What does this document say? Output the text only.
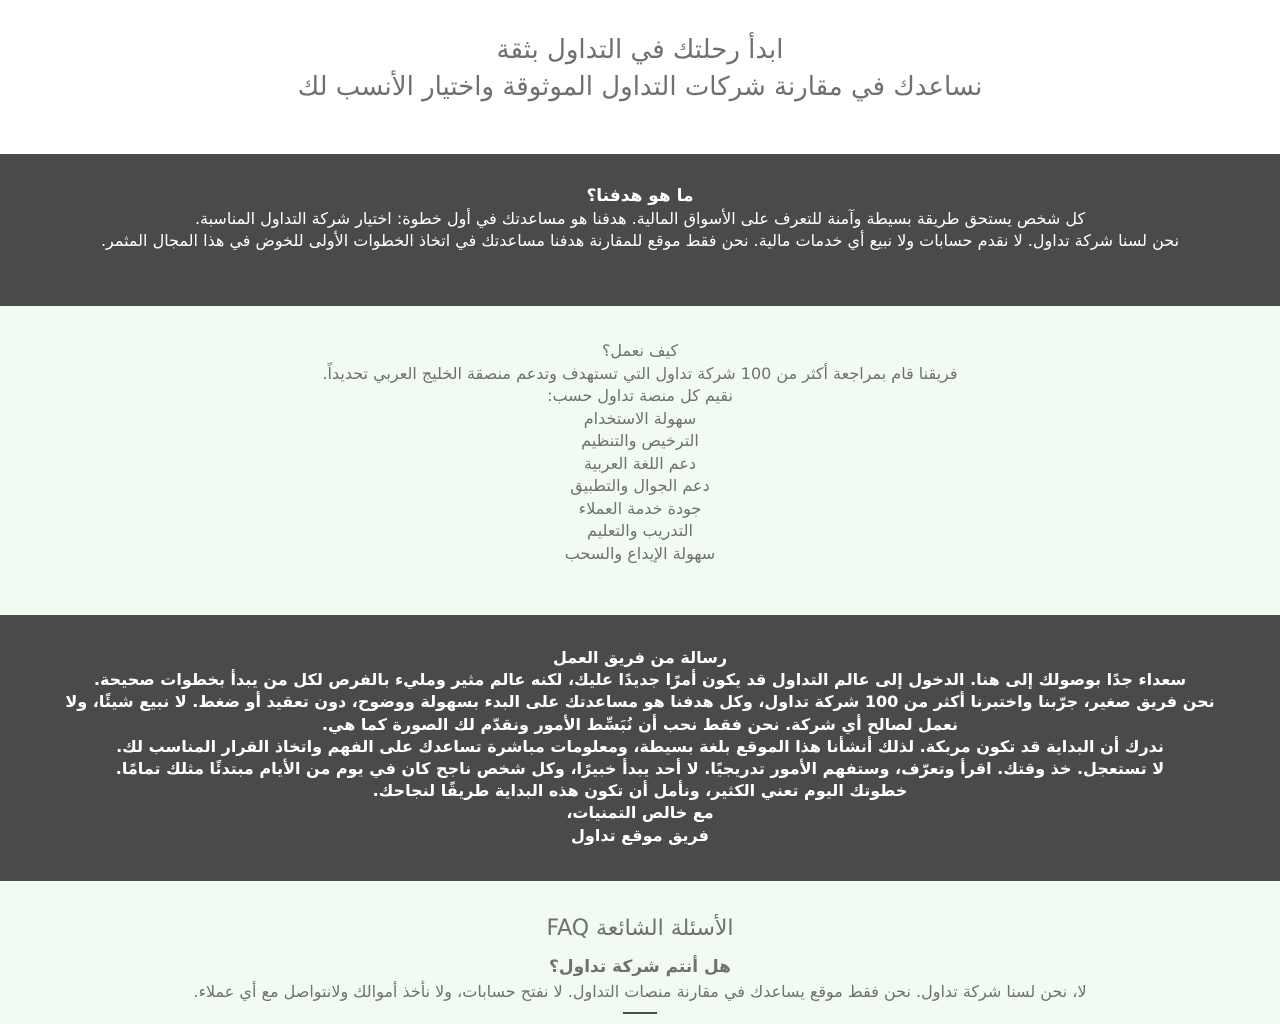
ابدأ رحلتك في التداول بثقة
نساعدك في مقارنة شركات التداول الموثوقة واختيار الأنسب لك
ما هو هدفنا؟
كل شخص يستحق طريقة بسيطة وآمنة للتعرف على الأسواق المالية. هدفنا هو مساعدتك في أول خطوة: اختيار شركة التداول المناسبة.
نحن لسنا شركة تداول. لا نقدم حسابات ولا نبيع أي خدمات مالية. نحن فقط موقع للمقارنة هدفنا مساعدتك في اتخاذ الخطوات الأولى للخوض في هذا المجال المثمر.
كيف نعمل؟
فريقنا قام بمراجعة أكثر من 100 شركة تداول التي تستهدف وتدعم منصقة الخليج العربي تحديداً.
نقيم كل منصة تداول حسب:
سهولة الاستخدام
الترخيص والتنظيم
دعم اللغة العربية
دعم الجوال والتطبيق
جودة خدمة العملاء
التدريب والتعليم
سهولة الإيداع والسحب
رسالة من فريق العمل
سعداء جدًا بوصولك إلى هنا. الدخول إلى عالم التداول قد يكون أمرًا جديدًا عليك، لكنه عالم مثير ومليء بالفرص لكل من يبدأ بخطوات صحيحة.
نحن فريق صغير، جرّبنا واختبرنا أكثر من 100 شركة تداول، وكل هدفنا هو مساعدتك على البدء بسهولة ووضوح، دون تعقيد أو ضغط. لا نبيع شيئًا، ولا
نعمل لصالح أي شركة. نحن فقط نحب أن نُبَسِّط الأمور ونقدّم لك الصورة كما هي.
ندرك أن البداية قد تكون مربكة. لذلك أنشأنا هذا الموقع بلغة بسيطة، ومعلومات مباشرة تساعدك على الفهم واتخاذ القرار المناسب لك.
لا تستعجل. خذ وقتك. اقرأ وتعرّف، وستفهم الأمور تدريجيًا. لا أحد يبدأ خبيرًا، وكل شخص ناجح كان في يوم من الأيام مبتدئًا مثلك تمامًا.
خطوتك اليوم تعني الكثير، ونأمل أن تكون هذه البداية طريقًا لنجاحك.
مع خالص التمنيات،
فريق موقع تداول
الأسئلة الشائعة FAQ
هل أنتم شركة تداول؟
لا، نحن لسنا شركة تداول. نحن فقط موقع يساعدك في مقارنة منصات التداول. لا نفتح حسابات، ولا نأخذ أموالك ولانتواصل مع أي عملاء.
